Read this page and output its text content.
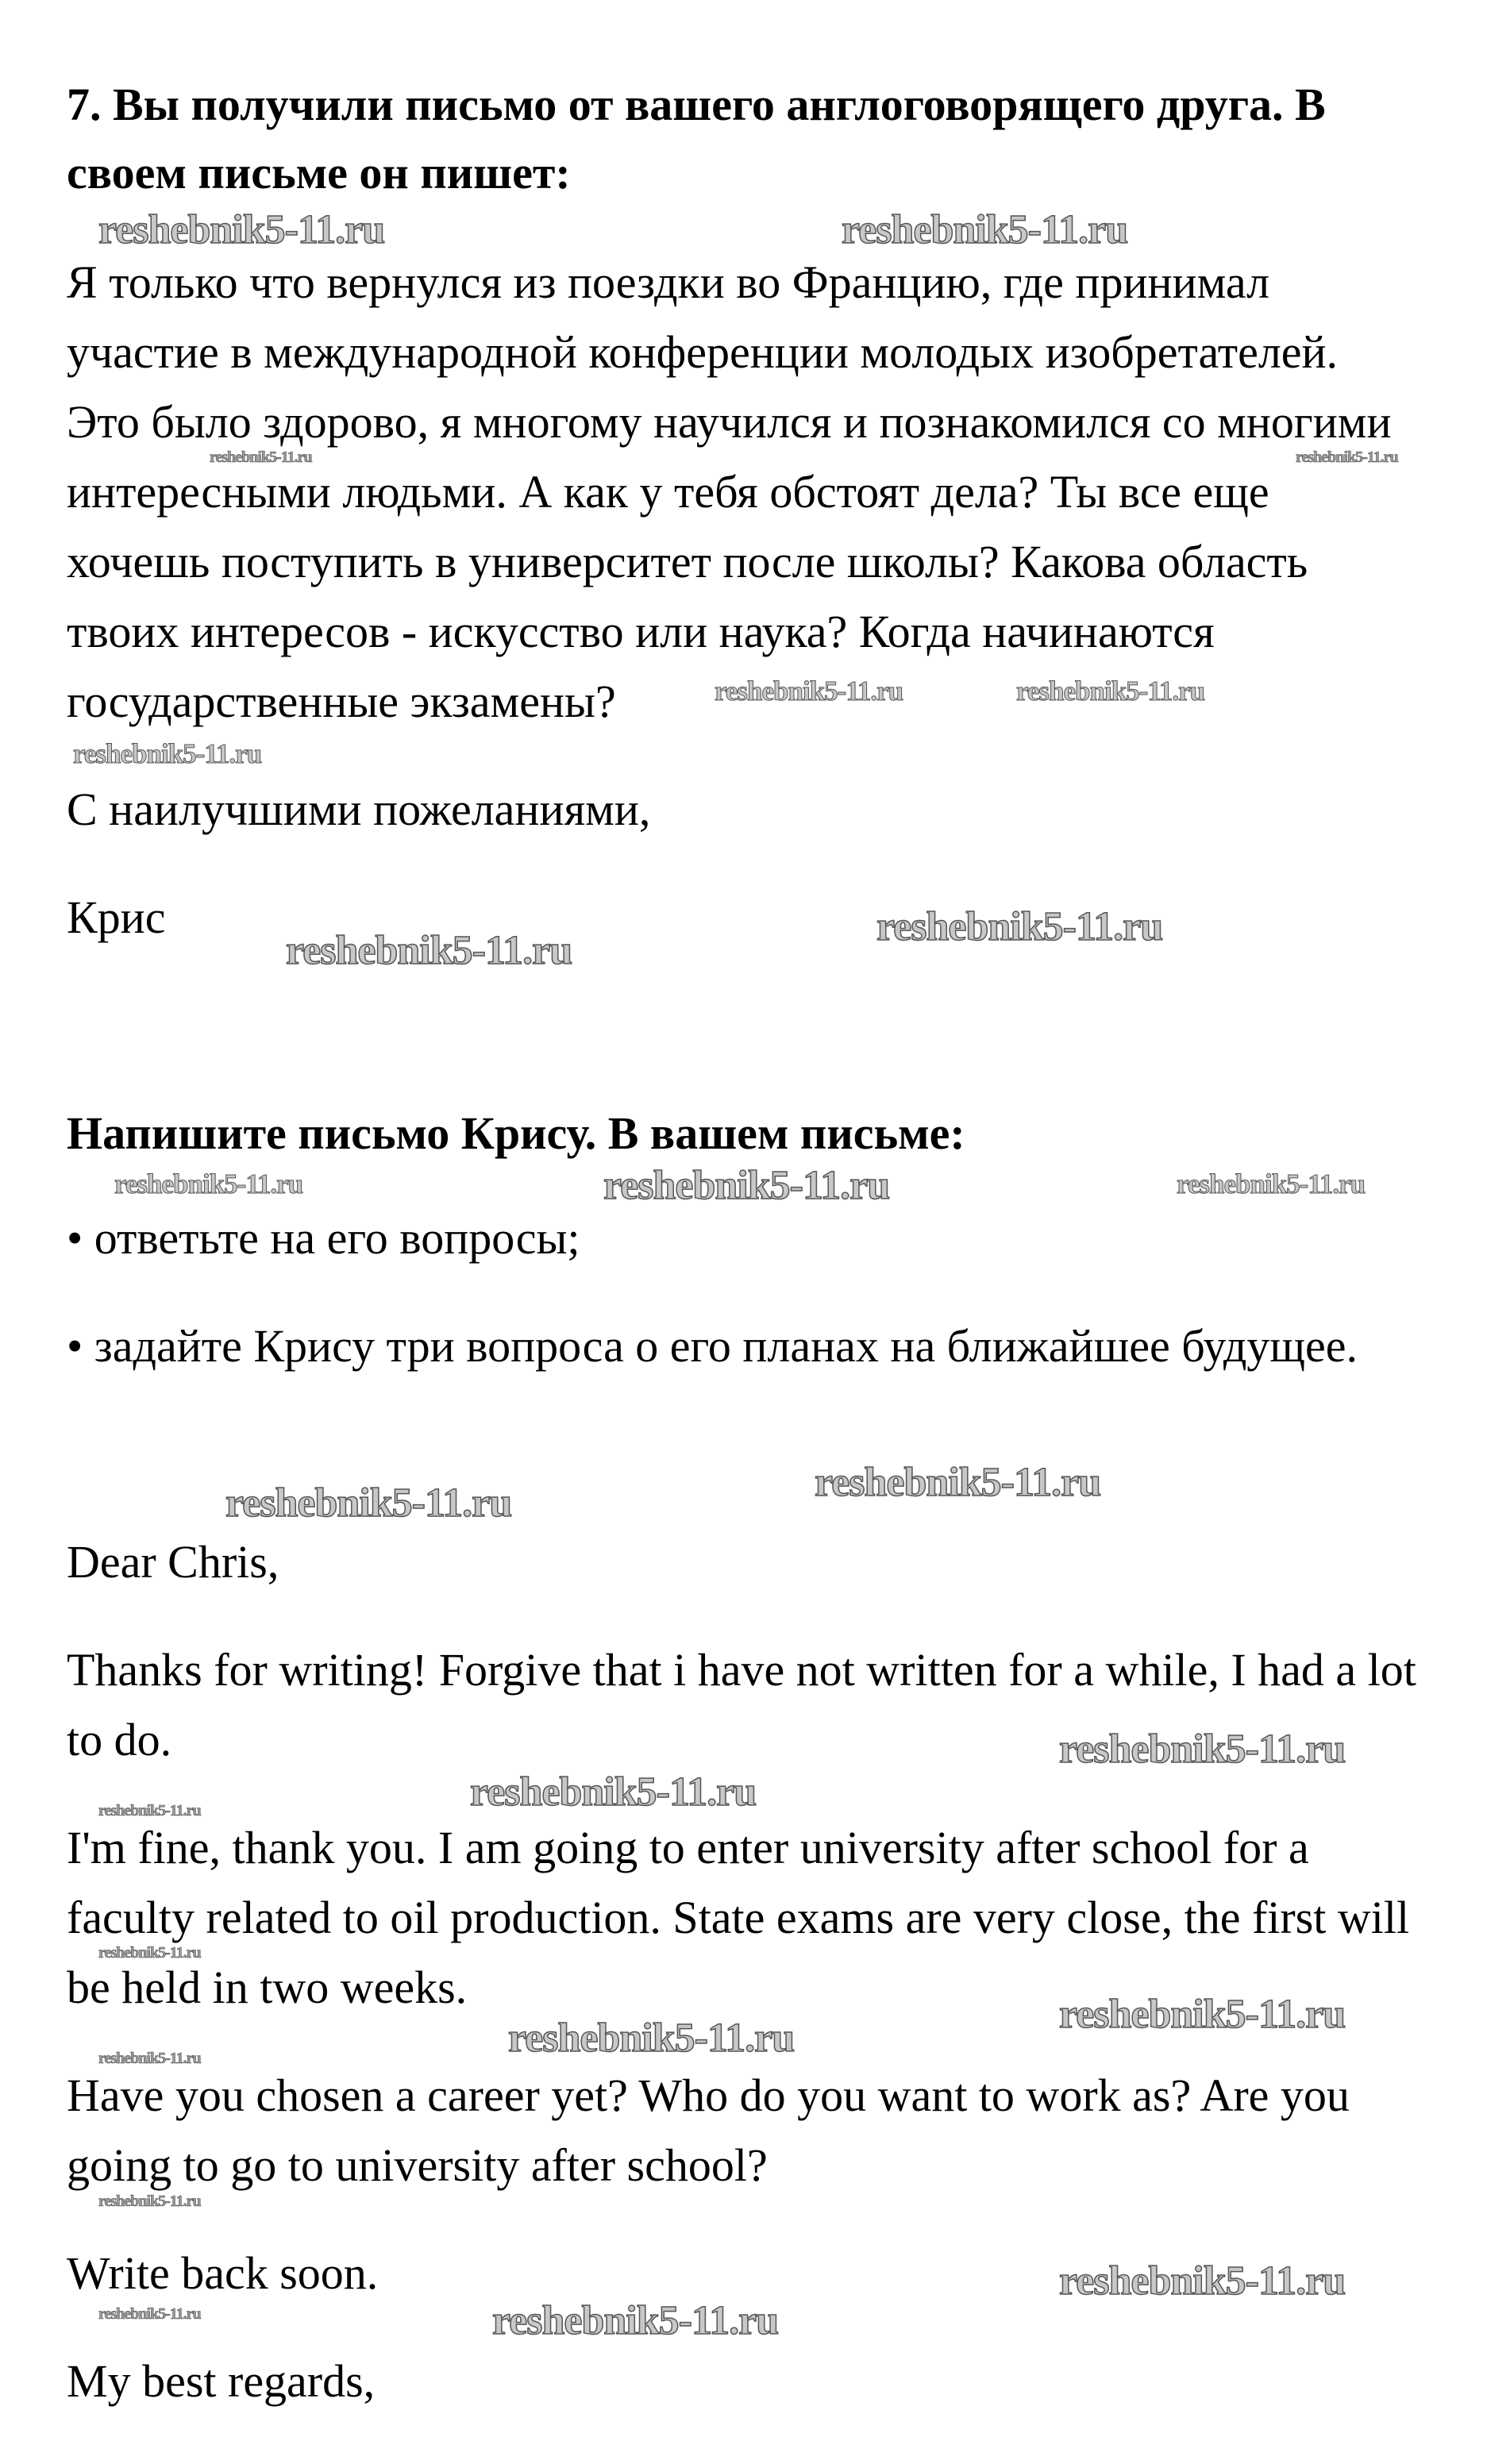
7. Вы получили письмо от вашего англоговорящего друга. В
своем письме он пишет:
Я только что вернулся из поездки во Францию, где принимал
участие в международной конференции молодых изобретателей.
Это было здорово, я многому научился и познакомился со многими
интересными людьми. А как у тебя обстоят дела? Ты все еще
хочешь поступить в университет после школы? Какова область
твоих интересов - искусство или наука? Когда начинаются
государственные экзамены?
С наилучшими пожеланиями,
Крис
Напишите письмо Крису. В вашем письме:
• ответьте на его вопросы;
• задайте Крису три вопроса о его планах на ближайшее будущее.
Dear Chris,
Thanks for writing! Forgive that i have not written for a while, I had a lot
to do.
I'm fine, thank you. I am going to enter university after school for a
faculty related to oil production. State exams are very close, the first will
be held in two weeks.
Have you chosen a career yet? Who do you want to work as? Are you
going to go to university after school?
Write back soon.
My best regards,
reshebnik5-11.ru	reshebnik5-11.ru
reshebnik5-11.ru	reshebnik5-11.ru
reshebnik5-11.ru
reshebnik5-11.ru	reshebnik5-11.ru
reshebnik5-11.ru
reshebnik5-11.ru
reshebnik5-11.ru	reshebnik5-11.ru	reshebnik5-11.ru
reshebnik5-11.ru	reshebnik5-11.ru
reshebnik5-11.ru
reshebnik5-11.ru
reshebnik5-11.ru
reshebnik5-11.ru
reshebnik5-11.ru
reshebnik5-11.ru
reshebnik5-11.ru
reshebnik5-11.ru
reshebnik5-11.ru
reshebnik5-11.ru
reshebnik5-11.ru
